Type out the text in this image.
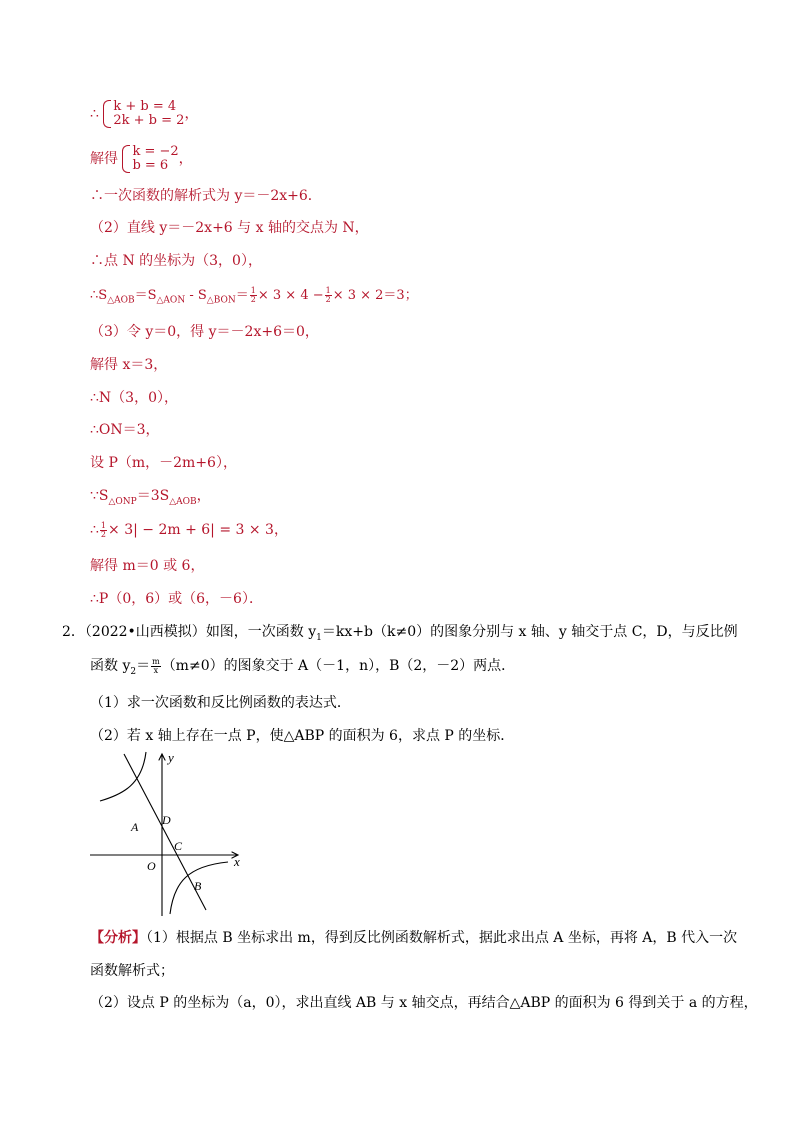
∴ k + b = 4
2k + b = 2 ，
解得 k = −2
b = 6 ，
∴一次函数的解析式为 y＝－2x+6．
（2）直线 y＝－2x+6 与 x 轴的交点为 N，
∴点 N 的坐标为（3，0），
$\therefore S_{\triangle AOB}=S_{\triangle AON} - S_{\triangle BON}= \frac{1}{2} \times 3 \times 4 - \frac{1}{2} \times 3 \times 2=3$；
（3）令 y＝0，得 y＝－2x+6＝0，
解得 x＝3，
∴N（3，0），
∴ON＝3，
设 P（m，－2m+6），
$\because S_{\triangle ONP}=3S_{\triangle AOB}$，
∴ $\frac{1}{2} \times 3| - 2m + 6| = 3 \times 3$，
解得 m＝0 或 6，
∴P（0，6）或（6，－6）．
2．（2022•山西模拟）如图，一次函数 $y_1=kx+b(k\ne 0)$的图象分别与 x 轴、y 轴交于点 C，D，与反比例
函数 $y_2= \frac{m}{x} (m\ne 0)$的图象交于 A（－1，n），B（2，－2）两点．
（1）求一次函数和反比例函数的表达式．
（2）若 x 轴上存在一点 P，使△ABP 的面积为 6，求点 P 的坐标．
y
x
O
A D
C
B
【分析】（1）根据点 B 坐标求出 m，得到反比例函数解析式，据此求出点 A 坐标，再将 A，B 代入一次
函数解析式；
（2）设点 P 的坐标为（a，0），求出直线 AB 与 x 轴交点，再结合△ABP 的面积为 6 得到关于 a 的方程，
